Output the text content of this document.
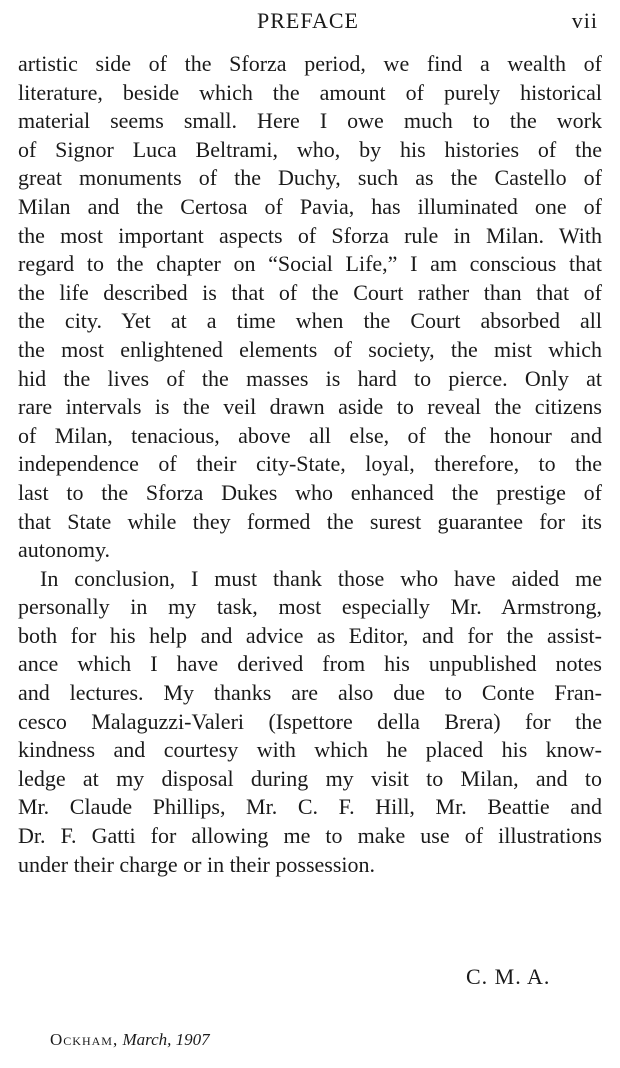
PREFACE	vii
artistic side of the Sforza period, we find a wealth of
literature, beside which the amount of purely historical
material seems small. Here I owe much to the work
of Signor Luca Beltrami, who, by his histories of the
great monuments of the Duchy, such as the Castello of
Milan and the Certosa of Pavia, has illuminated one of
the most important aspects of Sforza rule in Milan. With
regard to the chapter on “Social Life,” I am conscious that
the life described is that of the Court rather than that of
the city. Yet at a time when the Court absorbed all
the most enlightened elements of society, the mist which
hid the lives of the masses is hard to pierce. Only at
rare intervals is the veil drawn aside to reveal the citizens
of Milan, tenacious, above all else, of the honour and
independence of their city-State, loyal, therefore, to the
last to the Sforza Dukes who enhanced the prestige of
that State while they formed the surest guarantee for its
autonomy.
In conclusion, I must thank those who have aided me
personally in my task, most especially Mr. Armstrong,
both for his help and advice as Editor, and for the assist-
ance which I have derived from his unpublished notes
and lectures. My thanks are also due to Conte Fran-
cesco Malaguzzi-Valeri (Ispettore della Brera) for the
kindness and courtesy with which he placed his know-
ledge at my disposal during my visit to Milan, and to
Mr. Claude Phillips, Mr. C. F. Hill, Mr. Beattie and
Dr. F. Gatti for allowing me to make use of illustrations
under their charge or in their possession.
C. M. A.
Ockham, March, 1907
